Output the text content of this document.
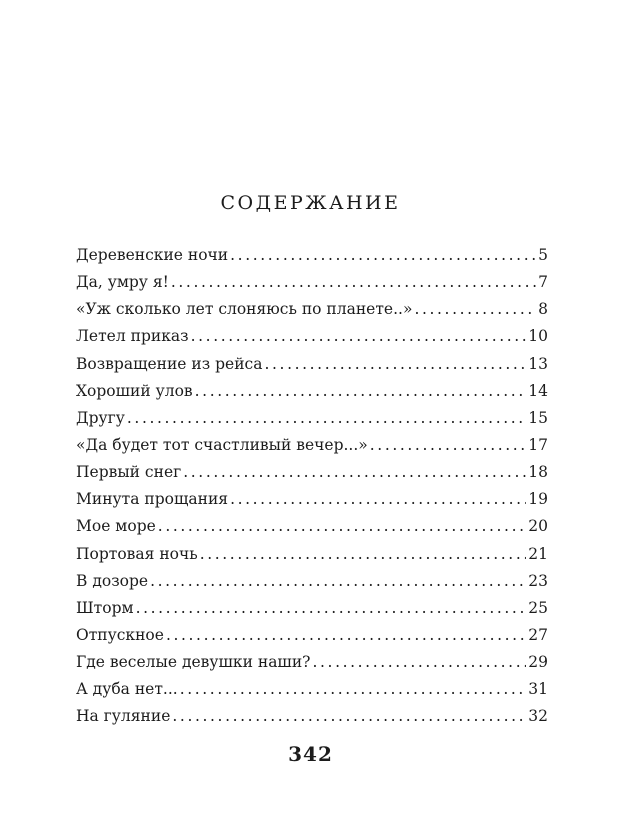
СОДЕРЖАНИЕ
Деревенские ночи .....	5
Да, умру я! .....	7
«Уж сколько лет слоняюсь по планете..» .....	8
Летел приказ .....	10
Возвращение из рейса .....	13
Хороший улов .....	14
Другу .....	15
«Да будет тот счастливый вечер...» .....	17
Первый снег .....	18
Минута прощания .....	19
Мое море .....	20
Портовая ночь .....	21
В дозоре .....	23
Шторм .....	25
Отпускное .....	27
Где веселые девушки наши? .....	29
А дуба нет... .....	31
На гуляние .....	32
342
